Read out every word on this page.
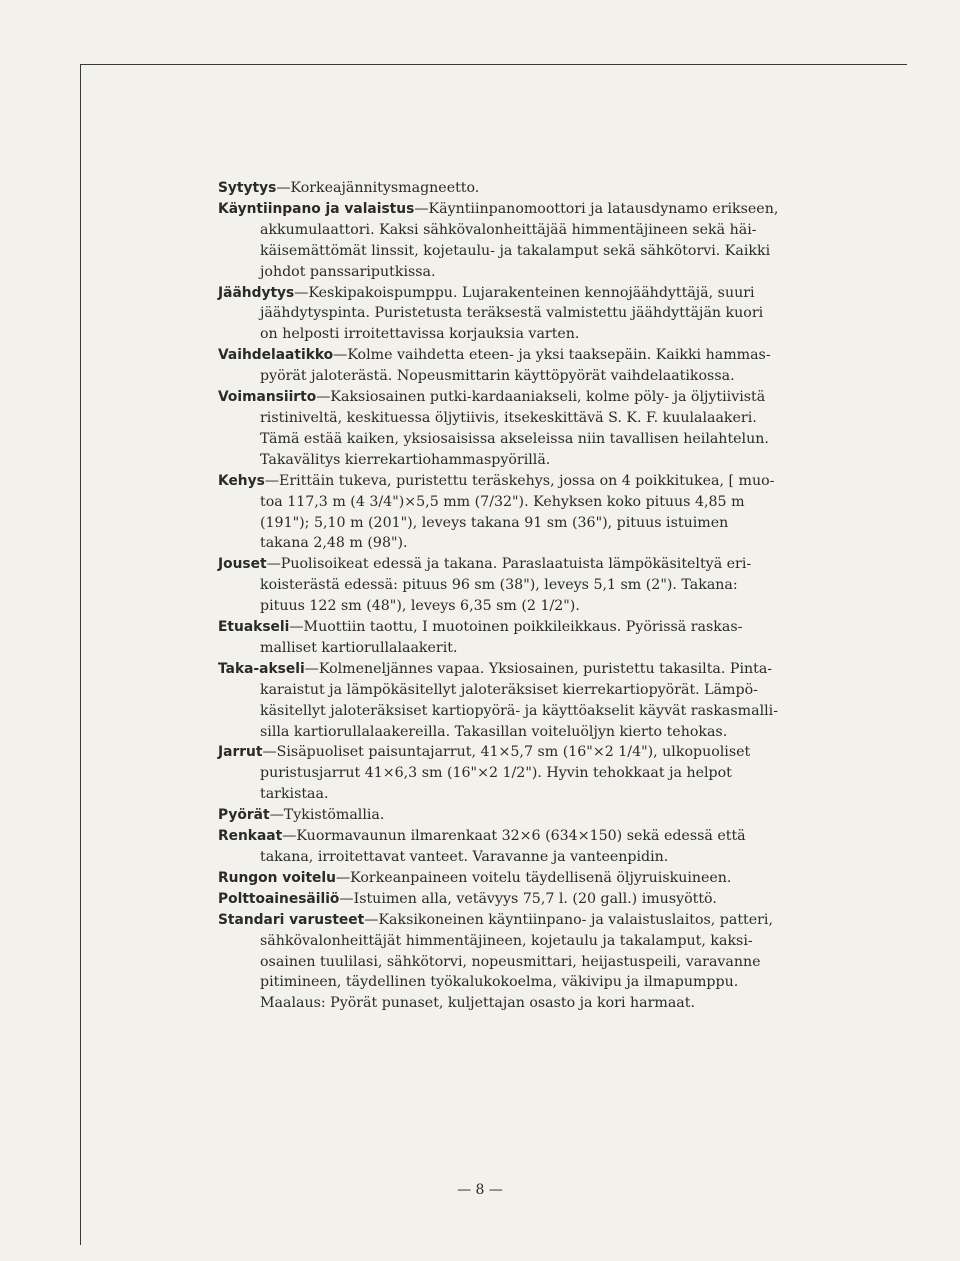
Sytytys—Korkeajännitysmagneetto.

Käyntiinpano ja valaistus—Käyntiinpanomoottori ja latausdynamo erikseen,
akkumulaattori. Kaksi sähkövalonheittäjää himmentäjineen sekä häi-
käisemättömät linssit, kojetaulu- ja takalamput sekä sähkötorvi. Kaikki
johdot panssariputkissa.

Jäähdytys—Keskipakoispumppu. Lujarakenteinen kennojäähdyttäjä, suuri
jäähdytyspinta. Puristetusta teräksestä valmistettu jäähdyttäjän kuori
on helposti irroitettavissa korjauksia varten.

Vaihdelaatikko—Kolme vaihdetta eteen- ja yksi taaksepäin. Kaikki hammas-
pyörät jaloterästä. Nopeusmittarin käyttöpyörät vaihdelaatikossa.

Voimansiirto—Kaksiosainen putki-kardaaniakseli, kolme pöly- ja öljytiivistä
ristiniveltä, keskituessa öljytiivis, itsekeskittävä S. K. F. kuulalaakeri.
Tämä estää kaiken, yksiosaisissa akseleissa niin tavallisen heilahtelun.
Takavälitys kierrekartiohammaspyörillä.

Kehys—Erittäin tukeva, puristettu teräskehys, jossa on 4 poikkitukea, [ muo-
toa 117,3 m (4 3/4")×5,5 mm (7/32"). Kehyksen koko pituus 4,85 m
(191"); 5,10 m (201"), leveys takana 91 sm (36"), pituus istuimen
takana 2,48 m (98").

Jouset—Puolisoikeat edessä ja takana. Paraslaatuista lämpökäsiteltyä eri-
koisterästä edessä: pituus 96 sm (38"), leveys 5,1 sm (2"). Takana:
pituus 122 sm (48"), leveys 6,35 sm (2 1/2").

Etuakseli—Muottiin taottu, I muotoinen poikkileikkaus. Pyörissä raskas-
malliset kartiorullalaakerit.

Taka-akseli—Kolmeneljännes vapaa. Yksiosainen, puristettu takasilta. Pinta-
karaistut ja lämpökäsitellyt jaloteräksiset kierrekartiopyörät. Lämpö-
käsitellyt jaloteräksiset kartiopyörä- ja käyttöakselit käyvät raskasmalli-
silla kartiorullalaakereilla. Takasillan voiteluöljyn kierto tehokas.

Jarrut—Sisäpuoliset paisuntajarrut, 41×5,7 sm (16"×2 1/4"), ulkopuoliset
puristusjarrut 41×6,3 sm (16"×2 1/2"). Hyvin tehokkaat ja helpot
tarkistaa.

Pyörät—Tykistömallia.

Renkaat—Kuormavaunun ilmarenkaat 32×6 (634×150) sekä edessä että
takana, irroitettavat vanteet. Varavanne ja vanteenpidin.

Rungon voitelu—Korkeanpaineen voitelu täydellisenä öljyruiskuineen.

Polttoainesäiliö—Istuimen alla, vetävyys 75,7 l. (20 gall.) imusyöttö.

Standari varusteet—Kaksikoneinen käyntiinpano- ja valaistuslaitos, patteri,
sähkövalonheittäjät himmentäjineen, kojetaulu ja takalamput, kaksi-
osainen tuulilasi, sähkötorvi, nopeusmittari, heijastuspeili, varavanne
pitimineen, täydellinen työkalukokoelma, väkivipu ja ilmapumppu.
Maalaus: Pyörät punaset, kuljettajan osasto ja kori harmaat.

— 8 —
